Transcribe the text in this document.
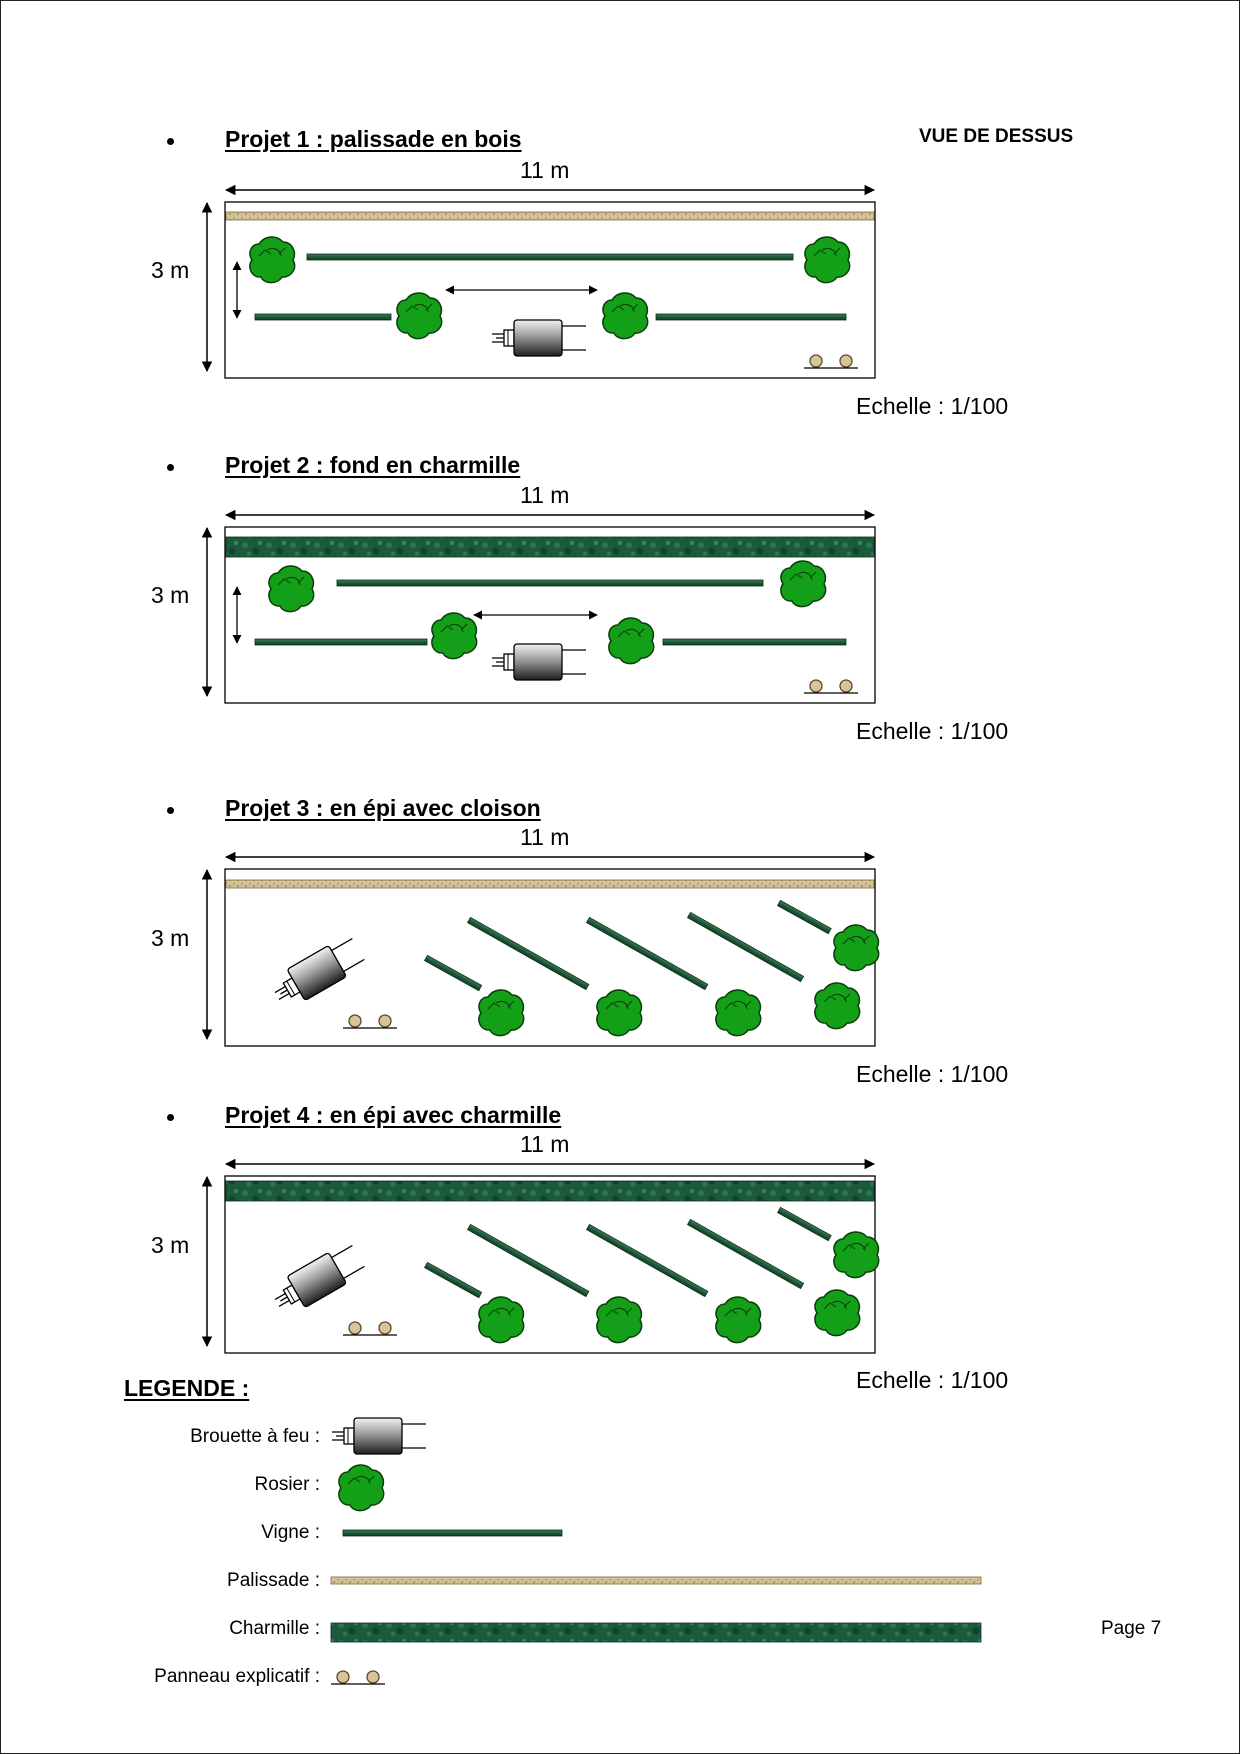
VUE DE DESSUS
Projet 1 : palissade en bois
11 m
3 m
Echelle : 1/100
Projet 2 : fond en charmille
11 m
3 m
Echelle : 1/100
Projet 3 : en épi avec cloison
11 m
3 m
Echelle : 1/100
Projet 4 : en épi avec charmille
11 m
3 m
Echelle : 1/100
LEGENDE :
Brouette à feu :
Rosier :
Vigne :
Palissade :
Charmille :
Panneau explicatif :
Page 7
